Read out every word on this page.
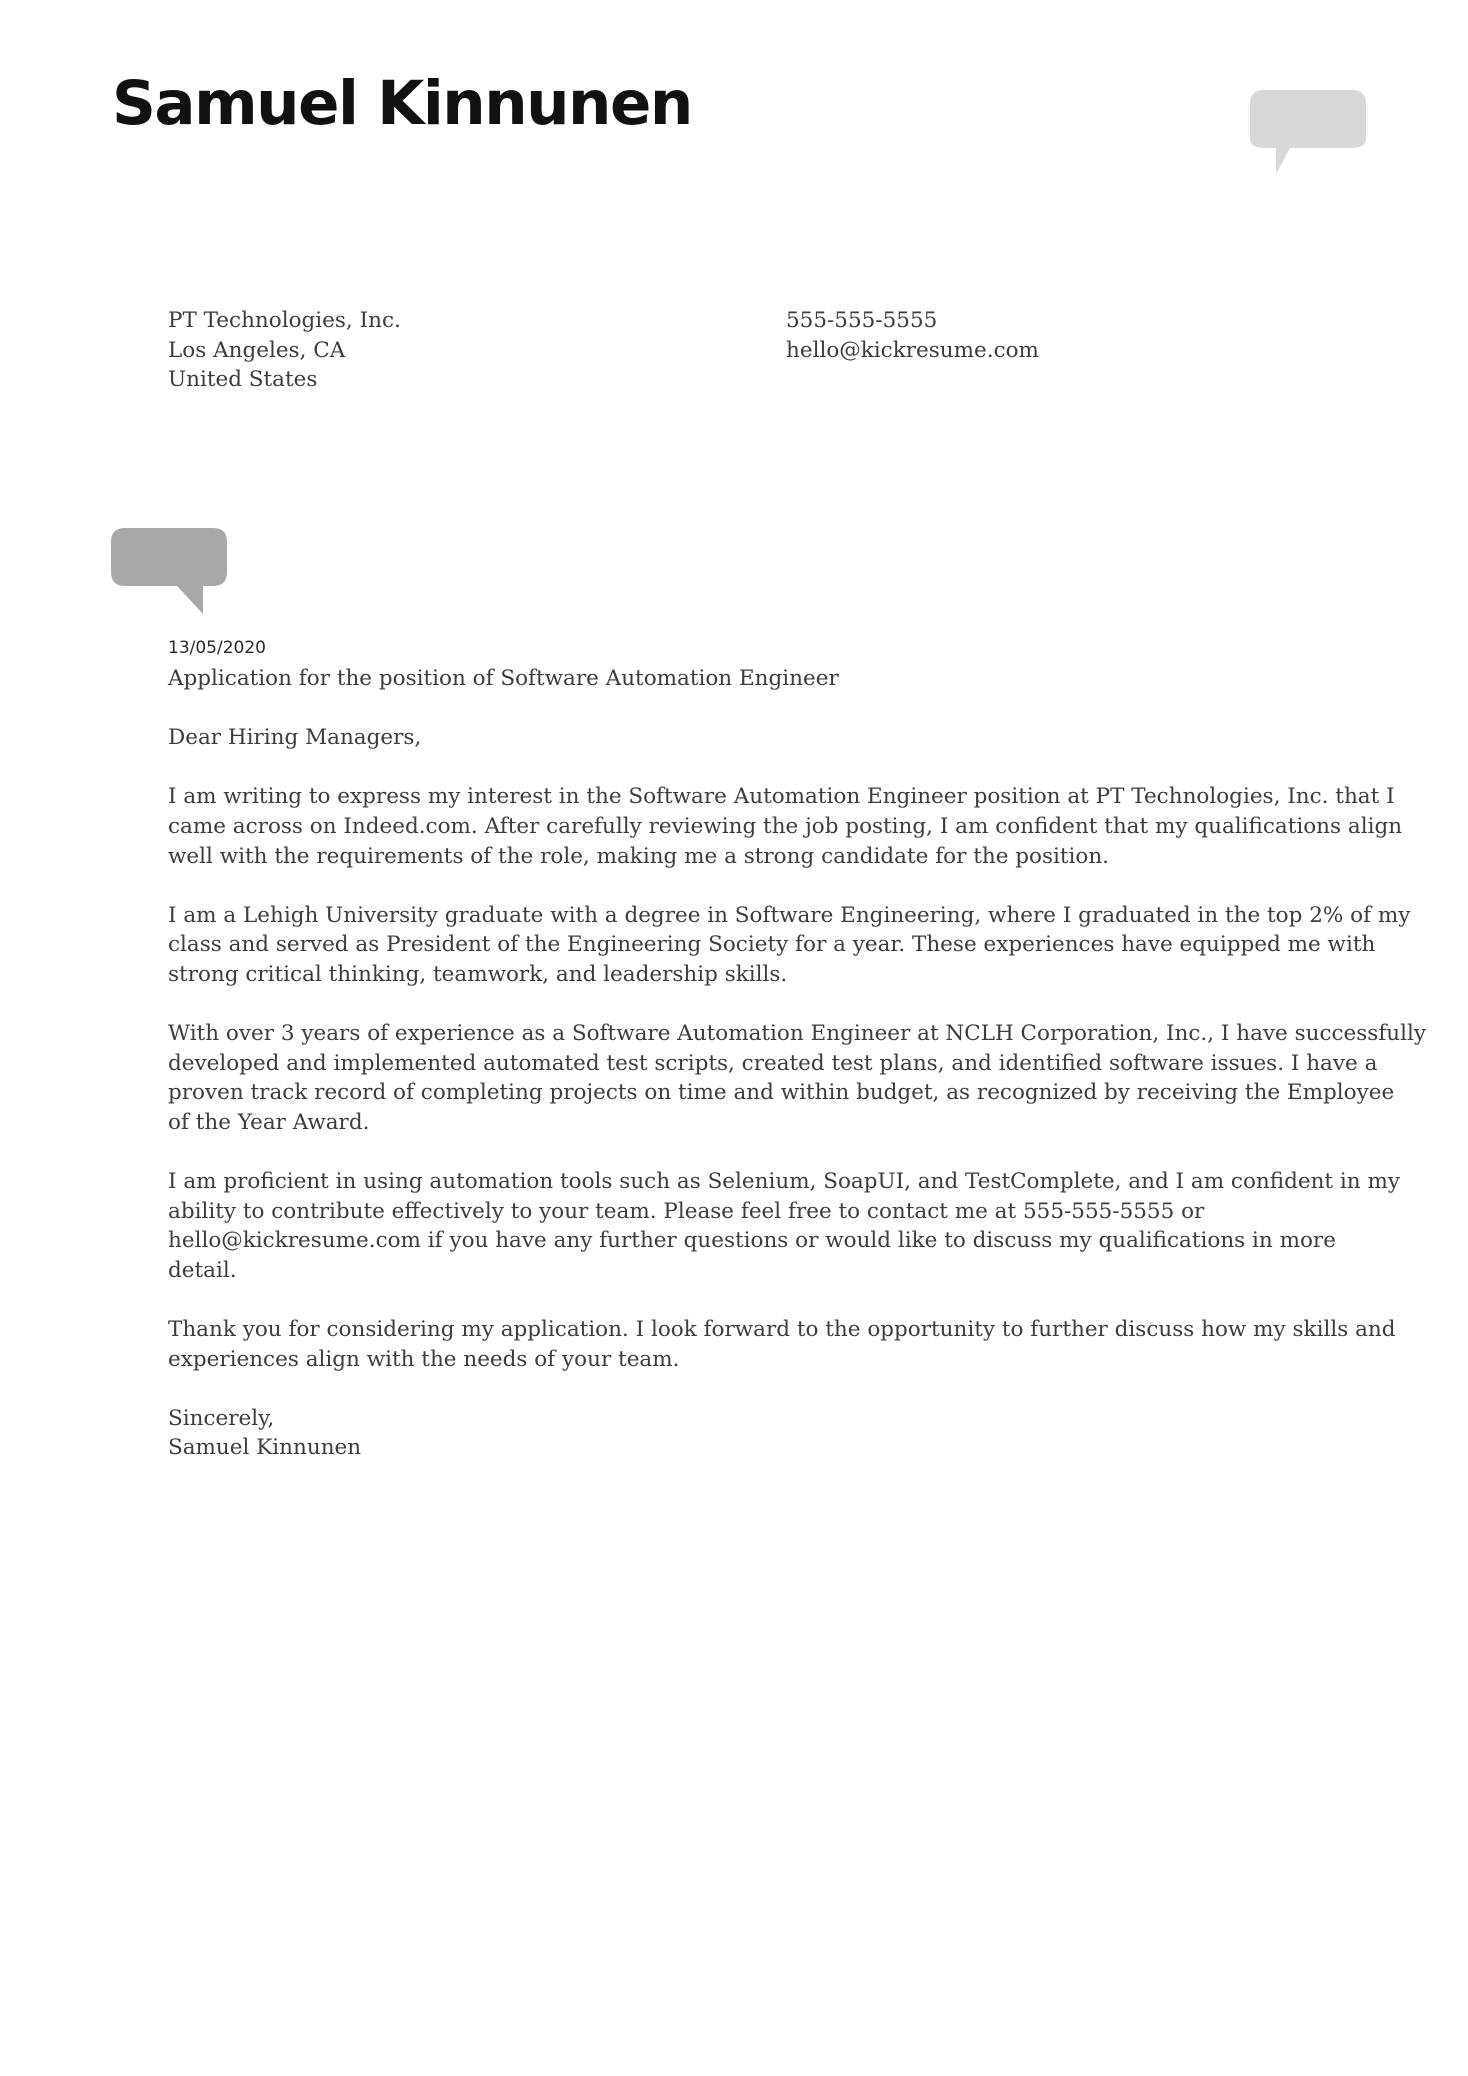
Samuel Kinnunen
PT Technologies, Inc.
Los Angeles, CA
United States
555-555-5555
hello@kickresume.com
13/05/2020

Application for the position of Software Automation Engineer

Dear Hiring Managers,

I am writing to express my interest in the Software Automation Engineer position at PT Technologies, Inc. that I
came across on Indeed.com. After carefully reviewing the job posting, I am confident that my qualifications align
well with the requirements of the role, making me a strong candidate for the position.

I am a Lehigh University graduate with a degree in Software Engineering, where I graduated in the top 2% of my
class and served as President of the Engineering Society for a year. These experiences have equipped me with
strong critical thinking, teamwork, and leadership skills.

With over 3 years of experience as a Software Automation Engineer at NCLH Corporation, Inc., I have successfully
developed and implemented automated test scripts, created test plans, and identified software issues. I have a
proven track record of completing projects on time and within budget, as recognized by receiving the Employee
of the Year Award.

I am proficient in using automation tools such as Selenium, SoapUI, and TestComplete, and I am confident in my
ability to contribute effectively to your team. Please feel free to contact me at 555-555-5555 or
hello@kickresume.com if you have any further questions or would like to discuss my qualifications in more
detail.

Thank you for considering my application. I look forward to the opportunity to further discuss how my skills and
experiences align with the needs of your team.

Sincerely,
Samuel Kinnunen
